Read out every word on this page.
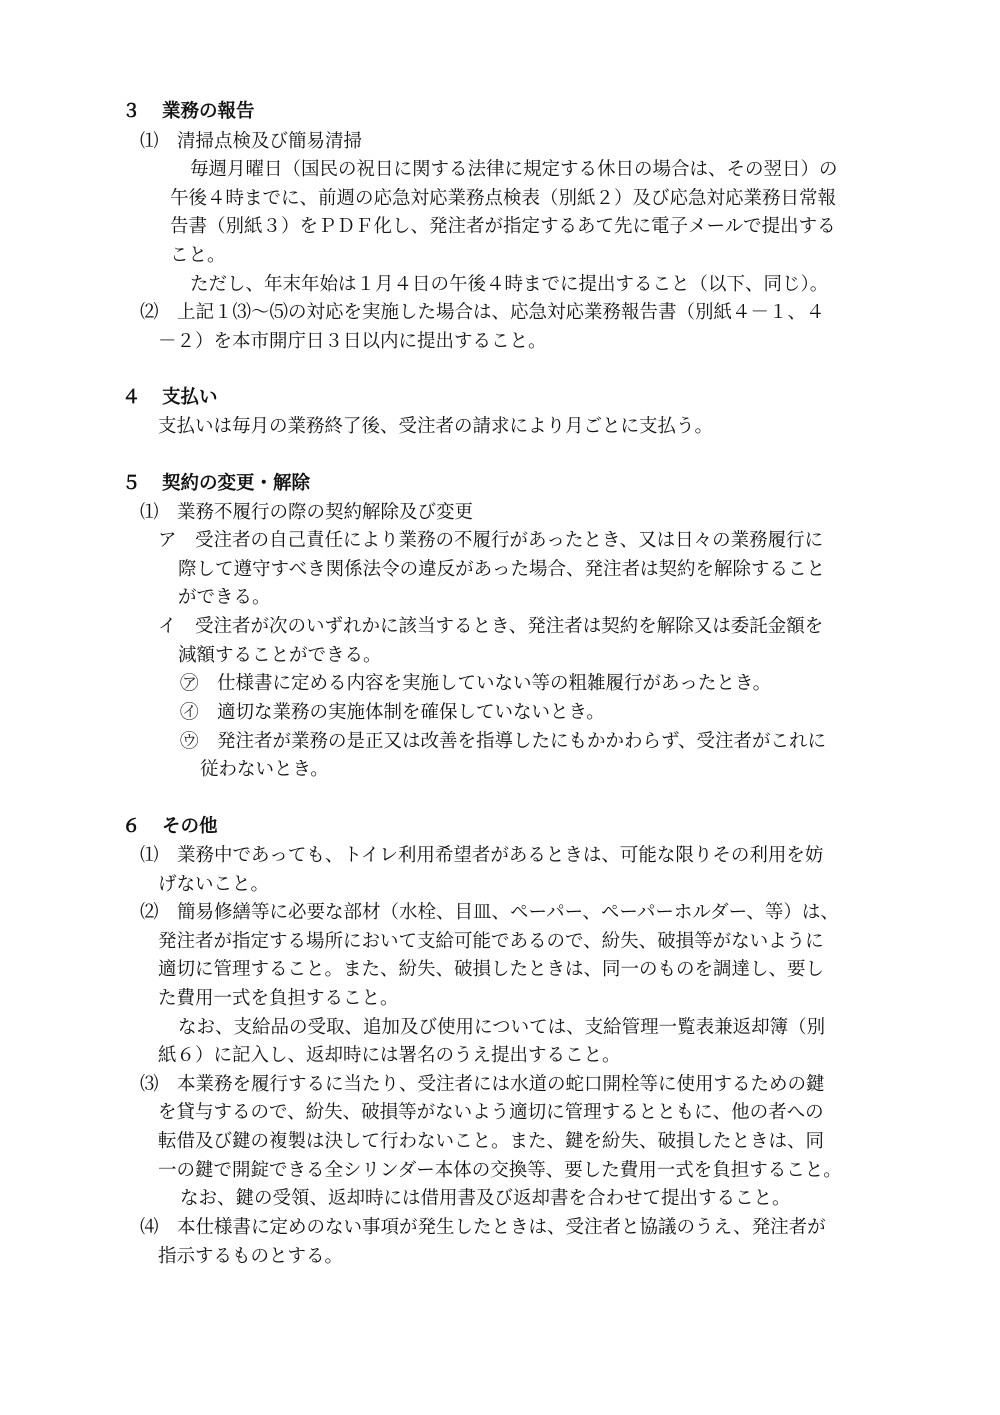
３ 業務の報告
⑴　清掃点検及び簡易清掃
毎週月曜日（国民の祝日に関する法律に規定する休日の場合は、その翌日）の
午後４時までに、前週の応急対応業務点検表（別紙２）及び応急対応業務日常報
告書（別紙３）をＰＤＦ化し、発注者が指定するあて先に電子メールで提出する
こと。
ただし、年末年始は１月４日の午後４時までに提出すること（以下、同じ）。
⑵　上記１⑶～⑸の対応を実施した場合は、応急対応業務報告書（別紙４－１、４
－２）を本市開庁日３日以内に提出すること。
４ 支払い
支払いは毎月の業務終了後、受注者の請求により月ごとに支払う。
５ 契約の変更・解除
⑴　業務不履行の際の契約解除及び変更
ア　受注者の自己責任により業務の不履行があったとき、又は日々の業務履行に
際して遵守すべき関係法令の違反があった場合、発注者は契約を解除すること
ができる。
イ　受注者が次のいずれかに該当するとき、発注者は契約を解除又は委託金額を
減額することができる。
㋐　仕様書に定める内容を実施していない等の粗雑履行があったとき。
㋑　適切な業務の実施体制を確保していないとき。
㋒　発注者が業務の是正又は改善を指導したにもかかわらず、受注者がこれに
従わないとき。
６ その他
⑴　業務中であっても、トイレ利用希望者があるときは、可能な限りその利用を妨
げないこと。
⑵　簡易修繕等に必要な部材（水栓、目皿、ペーパー、ペーパーホルダー、等）は、
発注者が指定する場所において支給可能であるので、紛失、破損等がないように
適切に管理すること。また、紛失、破損したときは、同一のものを調達し、要し
た費用一式を負担すること。
なお、支給品の受取、追加及び使用については、支給管理一覧表兼返却簿（別
紙６）に記入し、返却時には署名のうえ提出すること。
⑶　本業務を履行するに当たり、受注者には水道の蛇口開栓等に使用するための鍵
を貸与するので、紛失、破損等がないよう適切に管理するとともに、他の者への
転借及び鍵の複製は決して行わないこと。また、鍵を紛失、破損したときは、同
一の鍵で開錠できる全シリンダー本体の交換等、要した費用一式を負担すること。
なお、鍵の受領、返却時には借用書及び返却書を合わせて提出すること。
⑷　本仕様書に定めのない事項が発生したときは、受注者と協議のうえ、発注者が
指示するものとする。
